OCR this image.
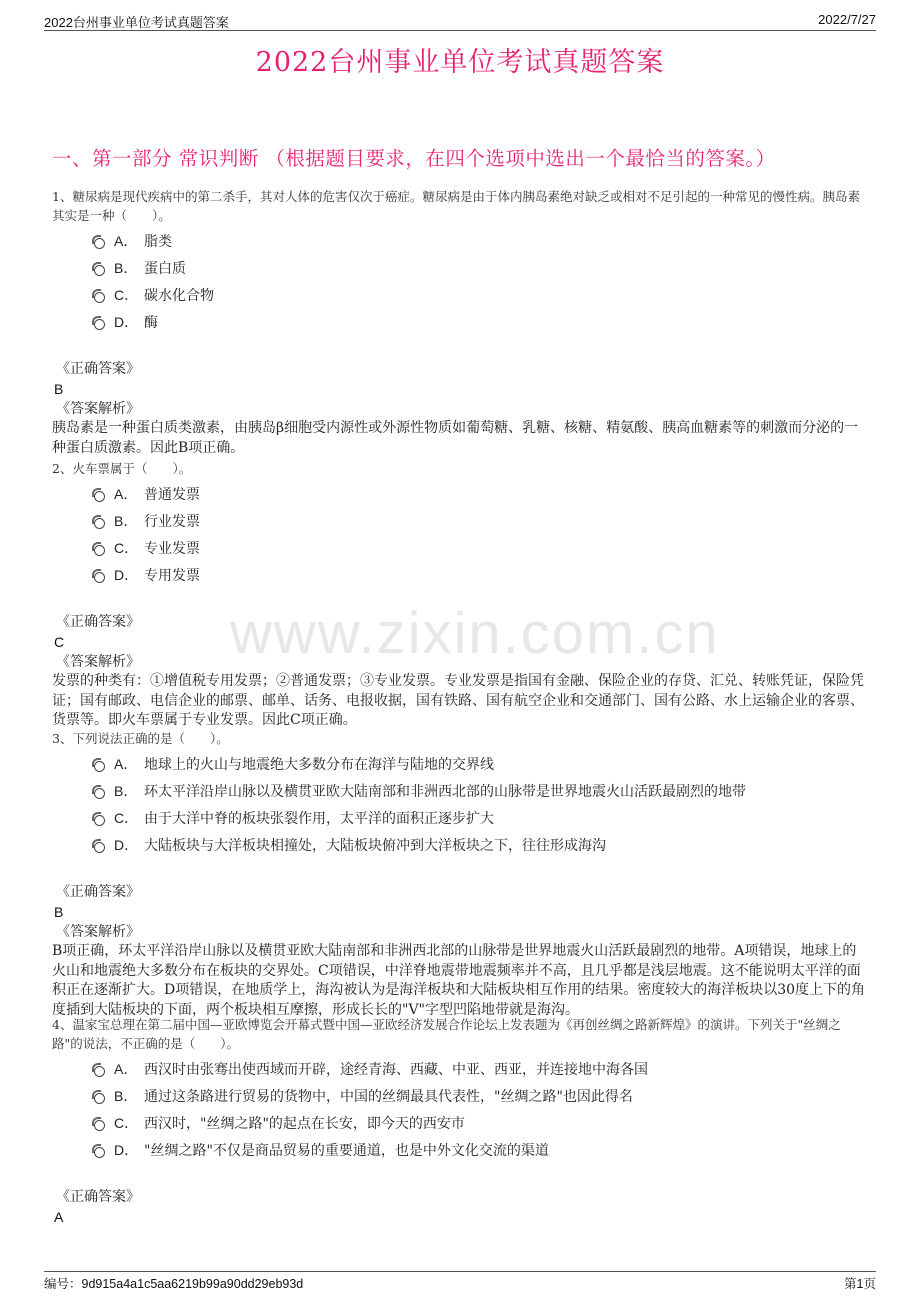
2022台州事业单位考试真题答案	2022/7/27
2022台州事业单位考试真题答案
一、第一部分 常识判断 （根据题目要求，在四个选项中选出一个最恰当的答案。）
www.zixin.com.cn
1、糖尿病是现代疾病中的第二杀手，其对人体的危害仅次于癌症。糖尿病是由于体内胰岛素绝对缺乏或相对不足引起的一种常见的慢性病。胰岛素其实是一种（　　）。
A． 脂类
B． 蛋白质
C． 碳水化合物
D． 酶
《正确答案》
B
《答案解析》
胰岛素是一种蛋白质类激素，由胰岛β细胞受内源性或外源性物质如葡萄糖、乳糖、核糖、精氨酸、胰高血糖素等的刺激而分泌的一种蛋白质激素。因此B项正确。
2、火车票属于（　　）。
A． 普通发票
B． 行业发票
C． 专业发票
D． 专用发票
《正确答案》
C
《答案解析》
发票的种类有：①增值税专用发票；②普通发票；③专业发票。专业发票是指国有金融、保险企业的存贷、汇兑、转账凭证，保险凭证；国有邮政、电信企业的邮票、邮单、话务、电报收据，国有铁路、国有航空企业和交通部门、国有公路、水上运输企业的客票、货票等。即火车票属于专业发票。因此C项正确。
3、下列说法正确的是（　　）。
A． 地球上的火山与地震绝大多数分布在海洋与陆地的交界线
B． 环太平洋沿岸山脉以及横贯亚欧大陆南部和非洲西北部的山脉带是世界地震火山活跃最剧烈的地带
C． 由于大洋中脊的板块张裂作用，太平洋的面积正逐步扩大
D． 大陆板块与大洋板块相撞处，大陆板块俯冲到大洋板块之下，往往形成海沟
《正确答案》
B
《答案解析》
B项正确，环太平洋沿岸山脉以及横贯亚欧大陆南部和非洲西北部的山脉带是世界地震火山活跃最剧烈的地带。A项错误，地球上的火山和地震绝大多数分布在板块的交界处。C项错误，中洋脊地震带地震频率并不高，且几乎都是浅层地震。这不能说明太平洋的面积正在逐渐扩大。D项错误，在地质学上，海沟被认为是海洋板块和大陆板块相互作用的结果。密度较大的海洋板块以30度上下的角度插到大陆板块的下面，两个板块相互摩擦，形成长长的"V"字型凹陷地带就是海沟。
4、温家宝总理在第二届中国—亚欧博览会开幕式暨中国—亚欧经济发展合作论坛上发表题为《再创丝绸之路新辉煌》的演讲。下列关于"丝绸之路"的说法，不正确的是（　　）。
A． 西汉时由张骞出使西域而开辟，途经青海、西藏、中亚、西亚，并连接地中海各国
B． 通过这条路进行贸易的货物中，中国的丝绸最具代表性，"丝绸之路"也因此得名
C． 西汉时，"丝绸之路"的起点在长安，即今天的西安市
D． "丝绸之路"不仅是商品贸易的重要通道，也是中外文化交流的渠道
《正确答案》
A
编号：9d915a4a1c5aa6219b99a90dd29eb93d	第1页
